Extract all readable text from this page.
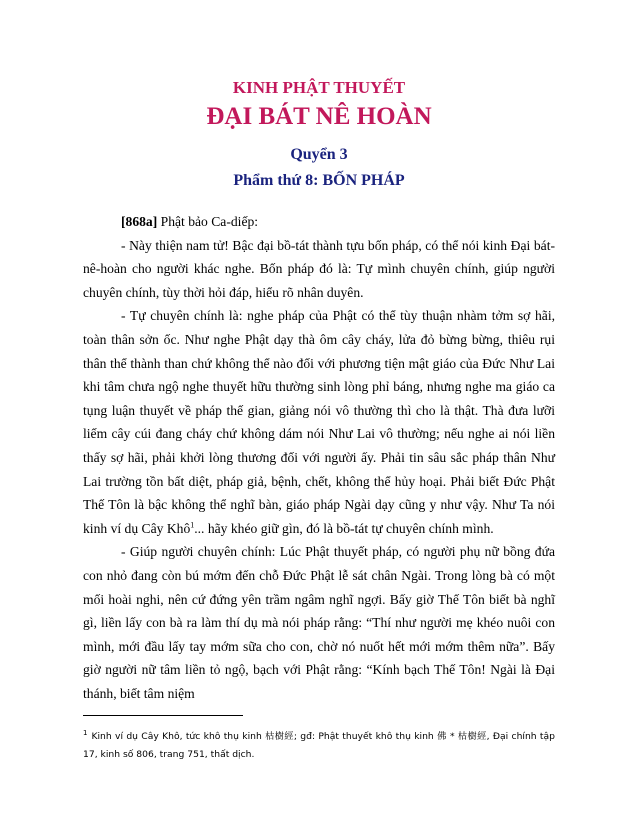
KINH PHẬT THUYẾT
ĐẠI BÁT NÊ HOÀN
Quyển 3
Phẩm thứ 8: BỐN PHÁP

[868a] Phật bảo Ca-diếp:

- Này thiện nam tử! Bậc đại bồ-tát thành tựu bốn pháp, có thể nói kinh Đại bát-nê-hoàn cho người khác nghe. Bốn pháp đó là: Tự mình chuyên chính, giúp người chuyên chính, tùy thời hỏi đáp, hiểu rõ nhân duyên.

- Tự chuyên chính là: nghe pháp của Phật có thể tùy thuận nhàm tởm sợ hãi, toàn thân sởn ốc. Như nghe Phật dạy thà ôm cây cháy, lửa đỏ bừng bừng, thiêu rụi thân thể thành than chứ không thể nào đối với phương tiện mật giáo của Đức Như Lai khi tâm chưa ngộ nghe thuyết hữu thường sinh lòng phỉ báng, nhưng nghe ma giáo ca tụng luận thuyết về pháp thế gian, giảng nói vô thường thì cho là thật. Thà đưa lưỡi liếm cây cúi đang cháy chứ không dám nói Như Lai vô thường; nếu nghe ai nói liền thấy sợ hãi, phải khởi lòng thương đối với người ấy. Phải tin sâu sắc pháp thân Như Lai trường tồn bất diệt, pháp giả, bệnh, chết, không thể hủy hoại. Phải biết Đức Phật Thế Tôn là bậc không thể nghĩ bàn, giáo pháp Ngài dạy cũng y như vậy. Như Ta nói kinh ví dụ Cây Khô$^1$... hãy khéo giữ gìn, đó là bồ-tát tự chuyên chính mình.

- Giúp người chuyên chính: Lúc Phật thuyết pháp, có người phụ nữ bồng đứa con nhỏ đang còn bú mớm đến chỗ Đức Phật lễ sát chân Ngài. Trong lòng bà có một mối hoài nghi, nên cứ đứng yên trầm ngâm nghĩ ngợi. Bấy giờ Thế Tôn biết bà nghĩ gì, liền lấy con bà ra làm thí dụ mà nói pháp rằng: “Thí như người mẹ khéo nuôi con mình, mới đầu lấy tay mớm sữa cho con, chờ nó nuốt hết mới mớm thêm nữa”. Bấy giờ người nữ tâm liền tỏ ngộ, bạch với Phật rằng: “Kính bạch Thế Tôn! Ngài là Đại thánh, biết tâm niệm

$^1$ Kinh ví dụ Cây Khô, tức khô thụ kinh 枯樹經; gđ: Phật thuyết khô thụ kinh 佛 * 枯樹經, Đại chính tập 17, kinh số 806, trang 751, thất dịch.
